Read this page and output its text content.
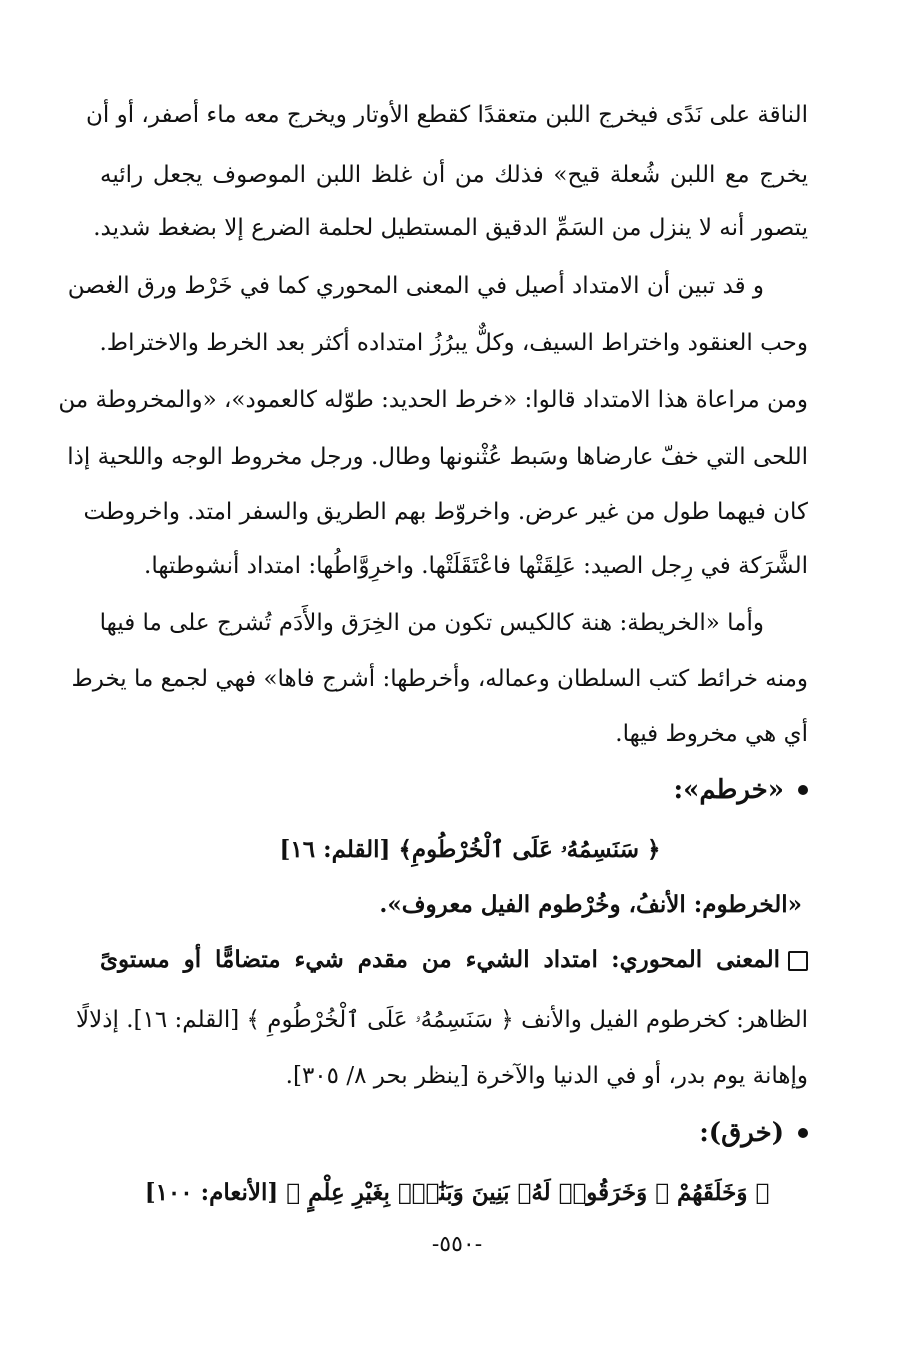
الناقة على نَدًى فيخرج اللبن متعقدًا كقطع الأوتار ويخرج معه ماء أصفر، أو أن
يخرج مع اللبن شُعلة قيح» فذلك من أن غلظ اللبن الموصوف يجعل رائيه
يتصور أنه لا ينزل من السَمِّ الدقيق المستطيل لحلمة الضرع إلا بضغط شديد.
و قد تبين أن الامتداد أصيل في المعنى المحوري كما في خَرْط ورق الغصن
وحب العنقود واختراط السيف، وكلٌّ يبرُزُ امتداده أكثر بعد الخرط والاختراط.
ومن مراعاة هذا الامتداد قالوا: «خرط الحديد: طوّله كالعمود»، «والمخروطة من
اللحى التي خفّ عارضاها وسَبط عُثْنونها وطال. ورجل مخروط الوجه واللحية إذا
كان فيهما طول من غير عرض. واخروّط بهم الطريق والسفر امتد. واخروطت
الشَّرَكة في رِجل الصيد: عَلِقَتْها فاعْتَقَلَتْها. واخرِوَّاطُها: امتداد أنشوطتها.
وأما «الخريطة: هنة كالكيس تكون من الخِرَق والأَدَم تُشرج على ما فيها
ومنه خرائط كتب السلطان وعماله، وأخرطها: أشرج فاها» فهي لجمع ما يخرط
أي هي مخروط فيها.
«خرطم»:
﴿ سَنَسِمُهُۥ عَلَى ٱلْخُرْطُومِ﴾ [القلم: ١٦]
«الخرطوم: الأنفُ، وخُرْطوم الفيل معروف».
المعنى المحوري: امتداد الشيء من مقدم شيء متضامًّا أو مستوىً
الظاهر: كخرطوم الفيل والأنف ﴿ سَنَسِمُهُۥ عَلَى ٱلْخُرْطُومِ ﴾ [القلم: ١٦]. إذلالًا
وإهانة يوم بدر، أو في الدنيا والآخرة [ينظر بحر ٨/ ٣٠٥].
(خرق):
﴿ وَخَلَقَهُمْ ۖ وَخَرَقُوا۟ لَهُۥ بَنِينَ وَبَنَٰتٍۭ بِغَيْرِ عِلْمٍ ﴾ [الأنعام: ١٠٠]
-٥٥٠-
